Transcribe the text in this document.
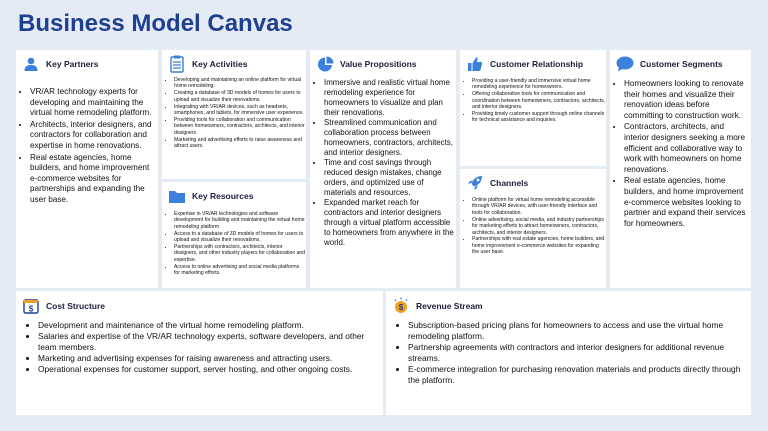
Business Model Canvas
Key Partners
• VR/AR technology experts for developing and maintaining the virtual home remodeling platform.
• Architects, interior designers, and contractors for collaboration and expertise in home renovations.
• Real estate agencies, home builders, and home improvement e-commerce websites for partnerships and expanding the user base.
Key Activities
• Developing and maintaining an online platform for virtual home remodeling.
• Creating a database of 3D models of homes for users to upload and visualize their renovations.
• Integrating with VR/AR devices, such as headsets, smartphones, and tablets, for immersive user experience.
• Providing tools for collaboration and communication between homeowners, contractors, architects, and interior designers.
• Marketing and advertising efforts to raise awareness and attract users.
Key Resources
• Expertise in VR/AR technologies and software development for building and maintaining the virtual home remodeling platform
• Access to a database of 3D models of homes for users to upload and visualize their renovations.
• Partnerships with contractors, architects, interior designers, and other industry players for collaboration and expertise.
• Access to online advertising and social media platforms for marketing efforts.
Value Propositions
• Immersive and realistic virtual home remodeling experience for homeowners to visualize and plan their renovations.
• Streamlined communication and collaboration process between homeowners, contractors, architects, and interior designers.
• Time and cost savings through reduced design mistakes, change orders, and optimized use of materials and resources.
• Expanded market reach for contractors and interior designers through a virtual platform accessible to homeowners from anywhere in the world.
Customer Relationship
• Providing a user-friendly and immersive virtual home remodeling experience for homeowners.
• Offering collaborative tools for communication and coordination between homeowners, contractors, architects, and interior designers.
• Providing timely customer support through online channels for technical assistance and inquiries.
Channels
• Online platform for virtual home remodeling accessible through VR/AR devices, with user-friendly interface and tools for collaboration.
• Online advertising, social media, and industry partnerships for marketing efforts to attract homeowners, contractors, architects, and interior designers.
• Partnerships with real estate agencies, home builders, and home improvement e-commerce websites for expanding the user base.
Customer Segments
• Homeowners looking to renovate their homes and visualize their renovation ideas before committing to construction work.
• Contractors, architects, and interior designers seeking a more efficient and collaborative way to work with homeowners on home renovations.
• Real estate agencies, home builders, and home improvement e-commerce websites looking to partner and expand their services for homeowners.
$ Cost Structure
• Development and maintenance of the virtual home remodeling platform.
• Salaries and expertise of the VR/AR technology experts, software developers, and other team members.
• Marketing and advertising expenses for raising awareness and attracting users.
• Operational expenses for customer support, server hosting, and other ongoing costs.
$ Revenue Stream
• Subscription-based pricing plans for homeowners to access and use the virtual home remodeling platform.
• Partnership agreements with contractors and interior designers for additional revenue streams.
• E-commerce integration for purchasing renovation materials and products directly through the platform.
